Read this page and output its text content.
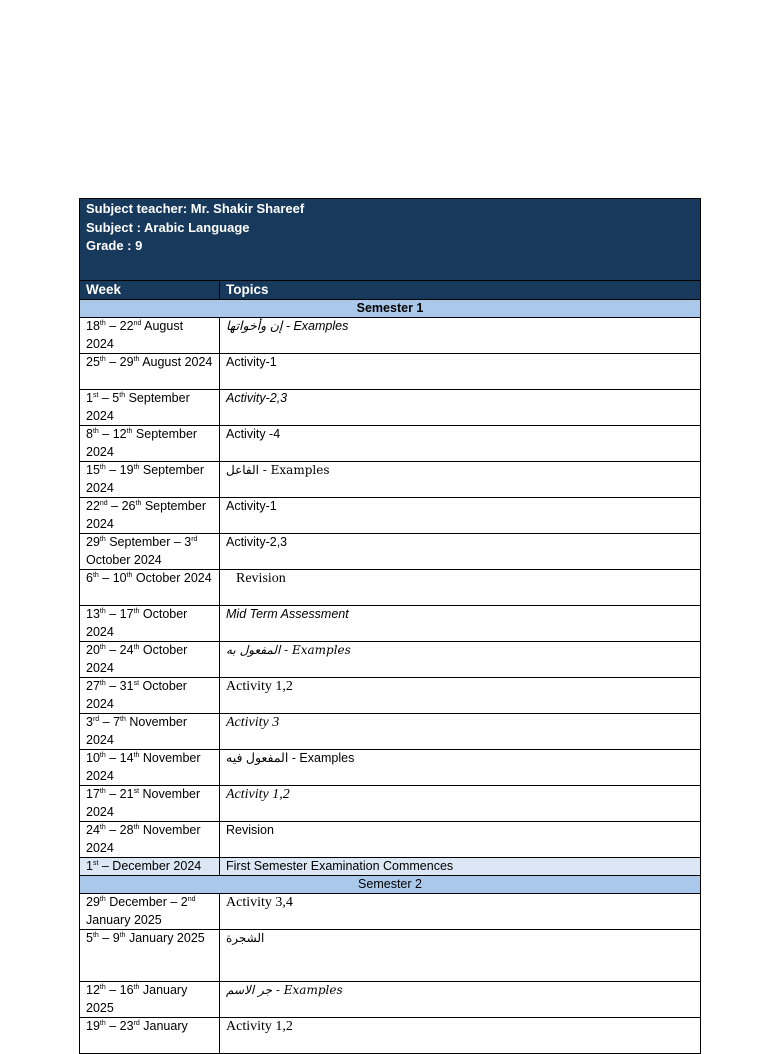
Subject teacher: Mr. Shakir Shareef
Subject : Arabic Language
Grade : 9	

Week	Topics
Semester 1	
18th – 22nd August 2024	إن وأخواتها - Examples
25th – 29th August 2024	Activity-1
1st – 5th September 2024	Activity-2,3
8th – 12th September 2024	Activity -4
15th – 19th September 2024	الفاعل - Examples
22nd – 26th September 2024	Activity-1
29th September – 3rd October 2024	Activity-2,3
6th – 10th October 2024	Revision
13th – 17th October 2024	Mid Term Assessment
20th – 24th October 2024	المفعول به - Examples
27th – 31st October 2024	Activity 1,2
3rd – 7th November 2024	Activity 3
10th – 14th November 2024	المفعول فيه - Examples
17th – 21st November 2024	Activity 1,2
24th – 28th November 2024	Revision
1st – December 2024	First Semester Examination Commences
Semester 2	
29th December – 2nd January 2025	Activity 3,4
5th – 9th January 2025	الشجرة
12th – 16th January 2025	جر الاسم - Examples
19th – 23rd January	Activity 1,2
